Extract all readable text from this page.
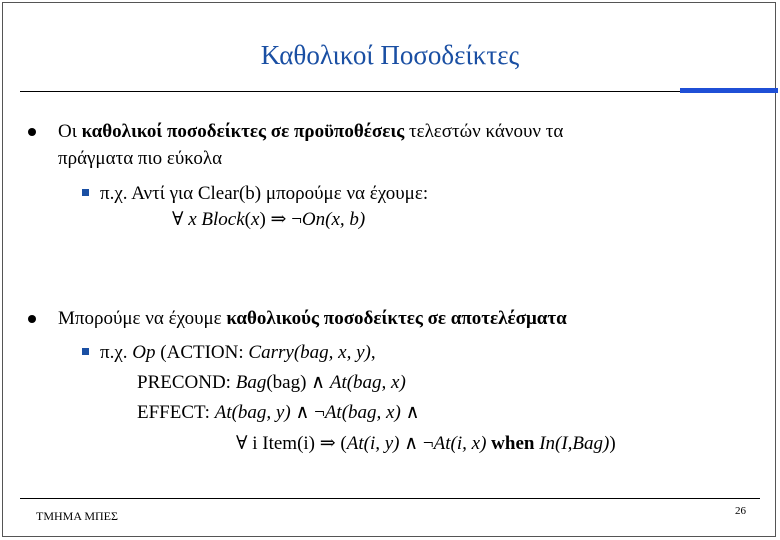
Καθολικοί Ποσοδείκτες
Οι καθολικοί ποσοδείκτες σε προϋποθέσεις τελεστών κάνουν τα
πράγματα πιο εύκολα
π.χ. Αντί για Clear(b) μπορούμε να έχουμε:
∀ x Block(x) ⇒ ¬On(x, b)
Μπορούμε να έχουμε καθολικούς ποσοδείκτες σε αποτελέσματα
π.χ. Op (ACTION: Carry(bag, x, y),
PRECOND: Bag(bag) ∧ At(bag, x)
EFFECT: At(bag, y) ∧ ¬At(bag, x) ∧
∀ i Item(i) ⇒ (At(i, y) ∧ ¬At(i, x) when In(I,Bag))
ΤΜΗΜΑ ΜΠΕΣ	26
